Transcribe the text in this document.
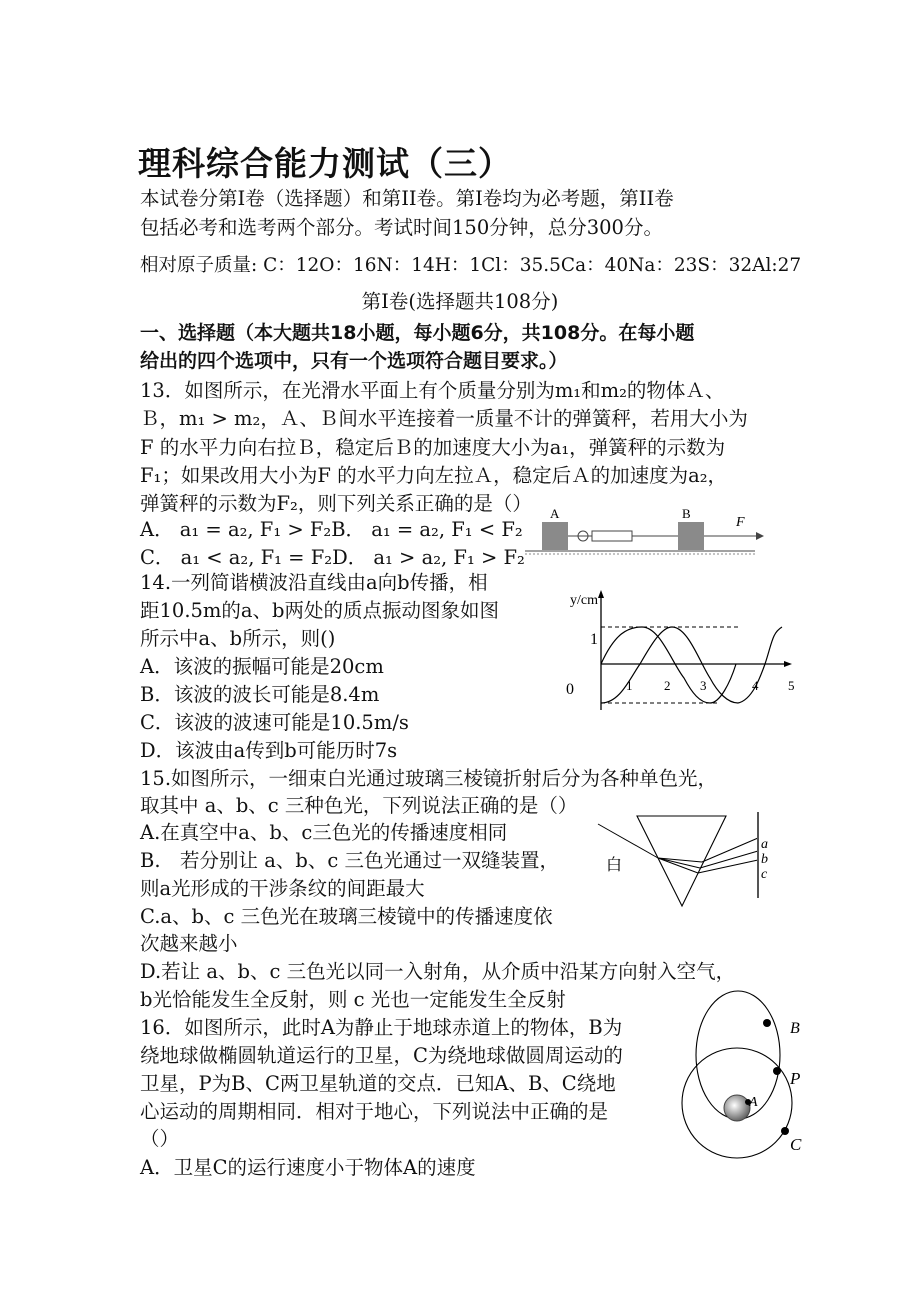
理科综合能力测试（三）
本试卷分第Ⅰ卷（选择题）和第II卷。第Ⅰ卷均为必考题，第II卷
包括必考和选考两个部分。考试时间150分钟，总分300分。
相对原子质量: C：12O：16N：14H：1Cl：35.5Ca：40Na：23S：32Al:27
第Ⅰ卷(选择题共108分)
一、选择题（本大题共18小题，每小题6分，共108分。在每小题
给出的四个选项中，只有一个选项符合题目要求。）
13．如图所示，在光滑水平面上有个质量分别为m₁和m₂的物体Ａ、
Ｂ，m₁ > m₂，Ａ、Ｂ间水平连接着一质量不计的弹簧秤，若用大小为
F 的水平力向右拉Ｂ，稳定后Ｂ的加速度大小为a₁，弹簧秤的示数为
F₁；如果改用大小为F 的水平力向左拉Ａ，稳定后Ａ的加速度为a₂，
弹簧秤的示数为F₂，则下列关系正确的是（）
A． a₁ = a₂, F₁ > F₂B． a₁ = a₂, F₁ < F₂
C． a₁ < a₂, F₁ = F₂D． a₁ > a₂, F₁ > F₂
A	B
F
14.一列简谐横波沿直线由a向b传播，相
距10.5m的a、b两处的质点振动图象如图
所示中a、b所示，则()
A．该波的振幅可能是20cm
B．该波的波长可能是8.4m
C．该波的波速可能是10.5m/s
D．该波由a传到b可能历时7s
y/cm
1
0	1 2 3	4 5
15.如图所示，一细束白光通过玻璃三棱镜折射后分为各种单色光，
取其中 a、b、c 三种色光，下列说法正确的是（）
A.在真空中a、b、c三色光的传播速度相同
B.　若分别让 a、b、c 三色光通过一双缝装置，
则a光形成的干涉条纹的间距最大
C.a、b、c 三色光在玻璃三棱镜中的传播速度依
次越来越小
D.若让 a、b、c 三色光以同一入射角，从介质中沿某方向射入空气，
b光恰能发生全反射，则 c 光也一定能发生全反射
白
a
b
c
16．如图所示，此时A为静止于地球赤道上的物体，B为
绕地球做椭圆轨道运行的卫星，C为绕地球做圆周运动的
卫星，P为B、C两卫星轨道的交点．已知A、B、C绕地
心运动的周期相同．相对于地心，下列说法中正确的是
（）
A．卫星C的运行速度小于物体A的速度
B
P
A
C
